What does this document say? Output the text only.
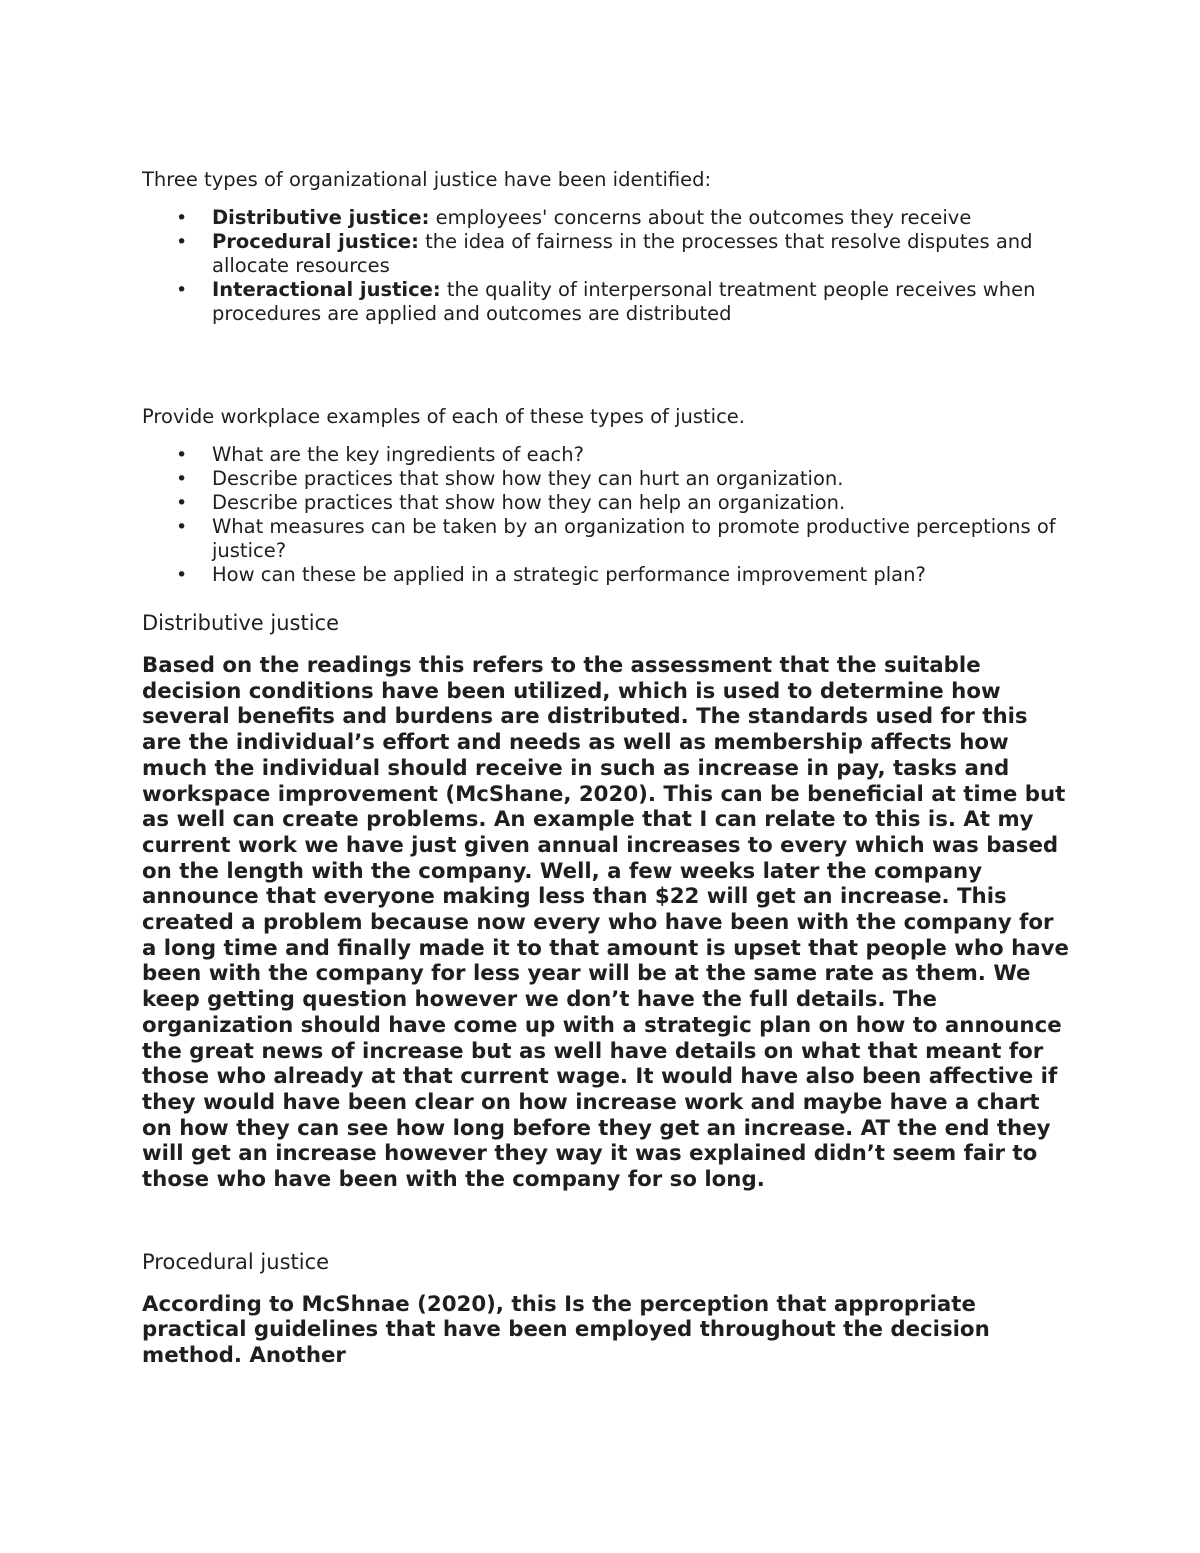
Three types of organizational justice have been identified:

• Distributive justice: employees' concerns about the outcomes they receive
• Procedural justice: the idea of fairness in the processes that resolve disputes and allocate resources
• Interactional justice: the quality of interpersonal treatment people receives when procedures are applied and outcomes are distributed

Provide workplace examples of each of these types of justice.

• What are the key ingredients of each?
• Describe practices that show how they can hurt an organization.
• Describe practices that show how they can help an organization.
• What measures can be taken by an organization to promote productive perceptions of justice?
• How can these be applied in a strategic performance improvement plan?
Distributive justice

Based on the readings this refers to the assessment that the suitable decision conditions have been utilized, which is used to determine how several benefits and burdens are distributed. The standards used for this are the individual’s effort and needs as well as membership affects how much the individual should receive in such as increase in pay, tasks and workspace improvement (McShane, 2020). This can be beneficial at time but as well can create problems. An example that I can relate to this is. At my current work we have just given annual increases to every which was based on the length with the company. Well, a few weeks later the company announce that everyone making less than $22 will get an increase. This created a problem because now every who have been with the company for a long time and finally made it to that amount is upset that people who have been with the company for less year will be at the same rate as them. We keep getting question however we don’t have the full details. The organization should have come up with a strategic plan on how to announce the great news of increase but as well have details on what that meant for those who already at that current wage. It would have also been affective if they would have been clear on how increase work and maybe have a chart on how they can see how long before they get an increase. AT the end they will get an increase however they way it was explained didn’t seem fair to those who have been with the company for so long.

Procedural justice

According to McShnae (2020), this Is the perception that appropriate practical guidelines that have been employed throughout the decision method. Another
